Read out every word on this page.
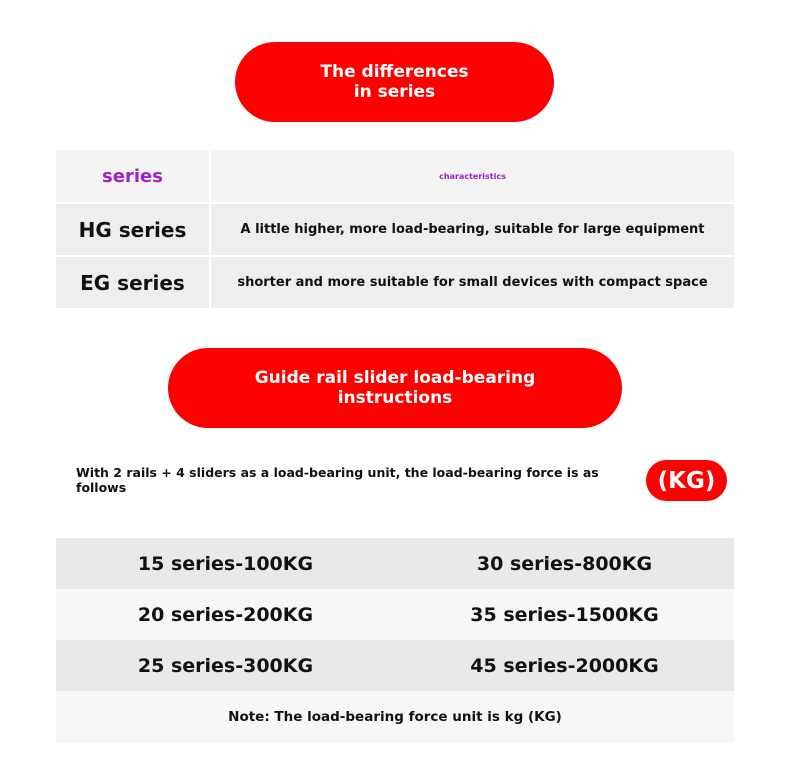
The differences
in series
series	characteristics
HG series	A little higher, more load-bearing, suitable for large equipment
EG series	shorter and more suitable for small devices with compact space
Guide rail slider load-bearing
instructions
With 2 rails + 4 sliders as a load-bearing unit, the load-bearing force is as follows	(KG)
15 series-100KG	30 series-800KG
20 series-200KG	35 series-1500KG
25 series-300KG	45 series-2000KG
Note: The load-bearing force unit is kg (KG)
